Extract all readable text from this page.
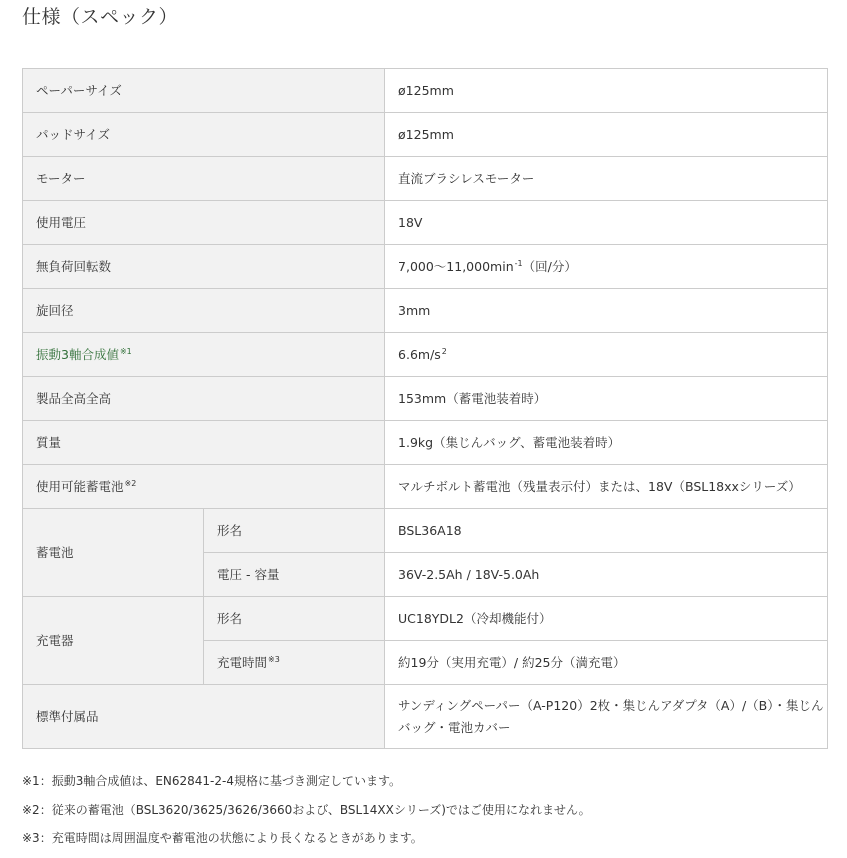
仕様（スペック）
ペーパーサイズ		ø125mm
パッドサイズ		ø125mm
モーター		直流ブラシレスモーター
使用電圧		18V
無負荷回転数		$7,000\sim 11,000\min^{-1}$（回/分）
旋回径		3mm
振動3軸合成値$^{※1}$		$6.6m/s^2$
製品全高全高		153mm（蓄電池装着時）
質量		1.9kg（集じんバッグ、蓄電池装着時）
使用可能蓄電池$^{※2}$		マルチボルト蓄電池（残量表示付）または、18V（BSL18xxシリーズ）
蓄電池	形名	BSL36A18
	電圧 - 容量	36V-2.5Ah / 18V-5.0Ah
充電器	形名	UC18YDL2（冷却機能付）
	充電時間$^{※3}$	約19分（実用充電）/ 約25分（満充電）
標準付属品		サンディングペーパー（A-P120）2枚・集じんアダプタ（A）/（B）・集じんバッグ・電池カバー
※1：振動3軸合成値は、EN62841-2-4規格に基づき測定しています。
※2：従来の蓄電池（BSL3620/3625/3626/3660および、BSL14XXシリーズ)ではご使用になれません。
※3：充電時間は周囲温度や蓄電池の状態により長くなるときがあります。
